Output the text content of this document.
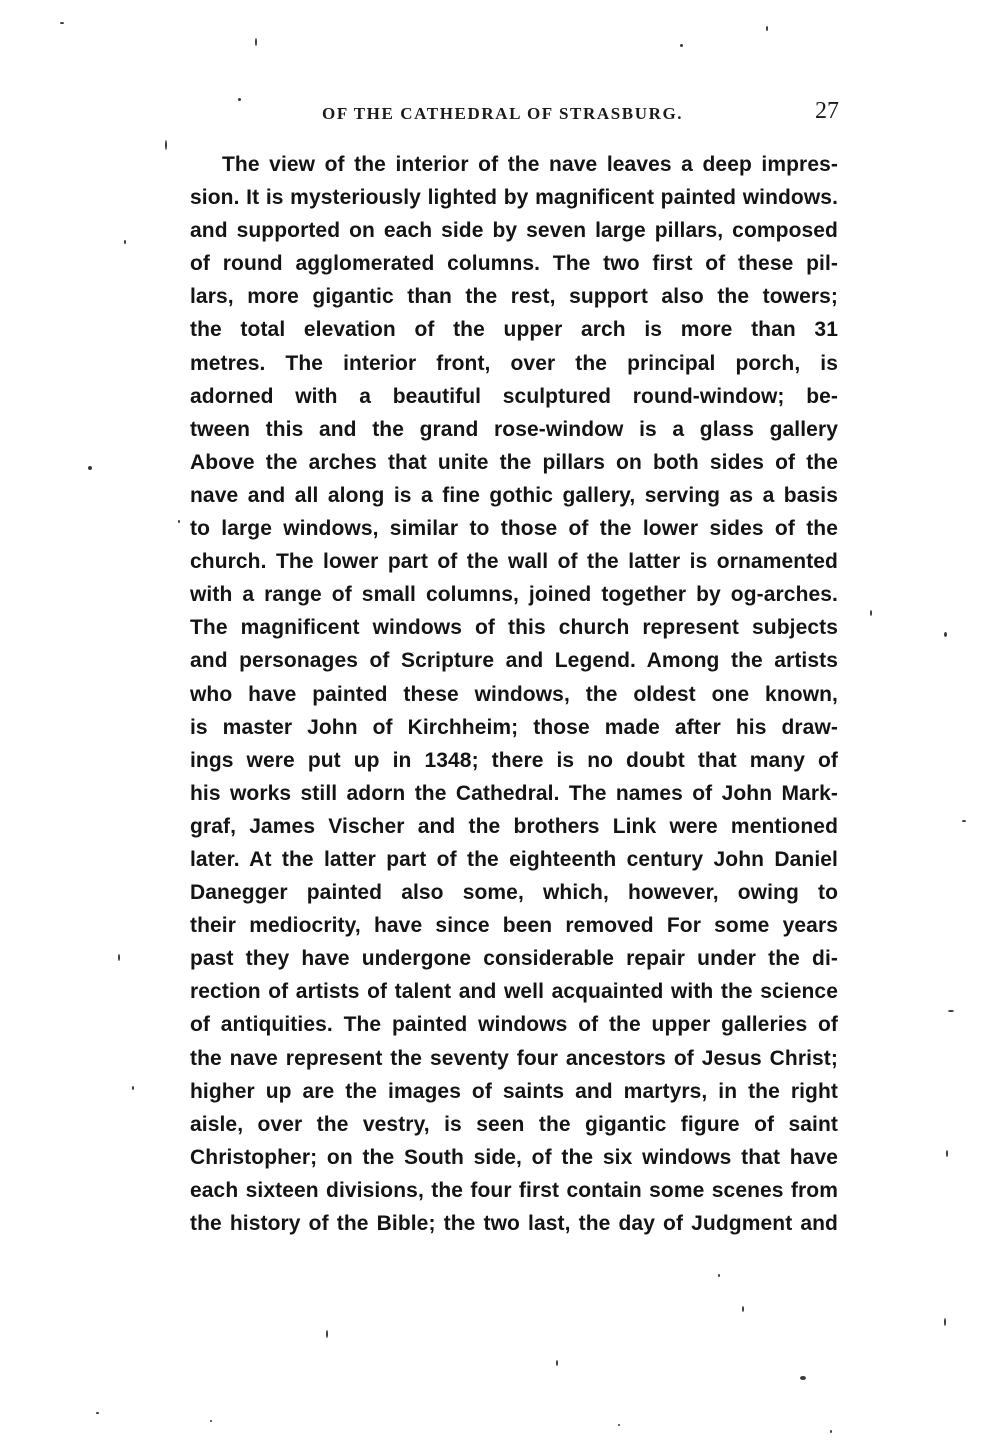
OF THE CATHEDRAL OF STRASBURG.	27
The view of the interior of the nave leaves a deep impres-
sion. It is mysteriously lighted by magnificent painted windows.
and supported on each side by seven large pillars, composed
of round agglomerated columns. The two first of these pil-
lars, more gigantic than the rest, support also the towers;
the total elevation of the upper arch is more than 31
metres. The interior front, over the principal porch, is
adorned with a beautiful sculptured round-window; be-
tween this and the grand rose-window is a glass gallery
Above the arches that unite the pillars on both sides of the
nave and all along is a fine gothic gallery, serving as a basis
to large windows, similar to those of the lower sides of the
church. The lower part of the wall of the latter is ornamented
with a range of small columns, joined together by og-arches.
The magnificent windows of this church represent subjects
and personages of Scripture and Legend. Among the artists
who have painted these windows, the oldest one known,
is master John of Kirchheim; those made after his draw-
ings were put up in 1348; there is no doubt that many of
his works still adorn the Cathedral. The names of John Mark-
graf, James Vischer and the brothers Link were mentioned
later. At the latter part of the eighteenth century John Daniel
Danegger painted also some, which, however, owing to
their mediocrity, have since been removed For some years
past they have undergone considerable repair under the di-
rection of artists of talent and well acquainted with the science
of antiquities. The painted windows of the upper galleries of
the nave represent the seventy four ancestors of Jesus Christ;
higher up are the images of saints and martyrs, in the right
aisle, over the vestry, is seen the gigantic figure of saint
Christopher; on the South side, of the six windows that have
each sixteen divisions, the four first contain some scenes from
the history of the Bible; the two last, the day of Judgment and
